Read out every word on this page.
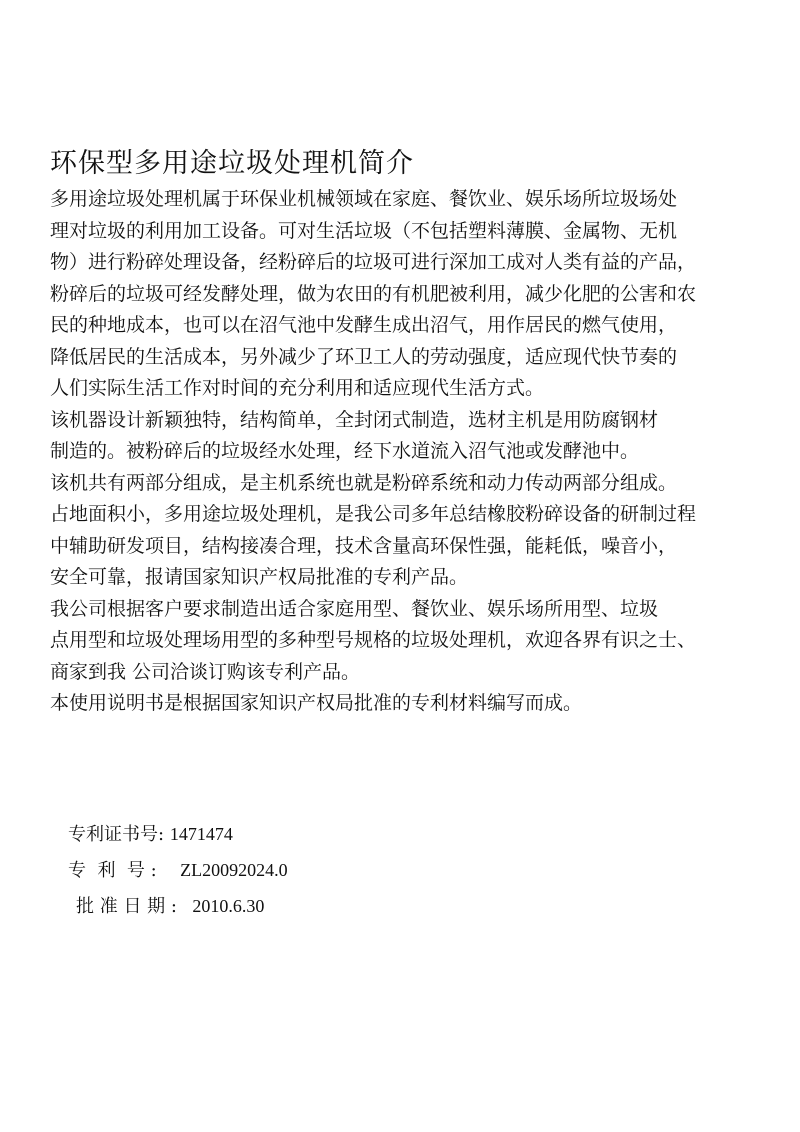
环保型多用途垃圾处理机简介
多用途垃圾处理机属于环保业机械领域在家庭、餐饮业、娱乐场所垃圾场处
理对垃圾的利用加工设备。可对生活垃圾（不包括塑料薄膜、金属物、无机
物）进行粉碎处理设备，经粉碎后的垃圾可进行深加工成对人类有益的产品，
粉碎后的垃圾可经发酵处理，做为农田的有机肥被利用，减少化肥的公害和农
民的种地成本，也可以在沼气池中发酵生成出沼气，用作居民的燃气使用，
降低居民的生活成本，另外减少了环卫工人的劳动强度，适应现代快节奏的
人们实际生活工作对时间的充分利用和适应现代生活方式。
该机器设计新颖独特，结构简单，全封闭式制造，选材主机是用防腐钢材
制造的。被粉碎后的垃圾经水处理，经下水道流入沼气池或发酵池中。
该机共有两部分组成，是主机系统也就是粉碎系统和动力传动两部分组成。
占地面积小，多用途垃圾处理机，是我公司多年总结橡胶粉碎设备的研制过程
中辅助研发项目，结构接凑合理，技术含量高环保性强，能耗低，噪音小，
安全可靠，报请国家知识产权局批准的专利产品。
我公司根据客户要求制造出适合家庭用型、餐饮业、娱乐场所用型、垃圾
点用型和垃圾处理场用型的多种型号规格的垃圾处理机，欢迎各界有识之士、
商家到我 公司洽谈订购该专利产品。
本使用说明书是根据国家知识产权局批准的专利材料编写而成。
专利证书号: 1471474
专  利  号 : ZL20092024.0
批 准 日 期 : 2010.6.30
